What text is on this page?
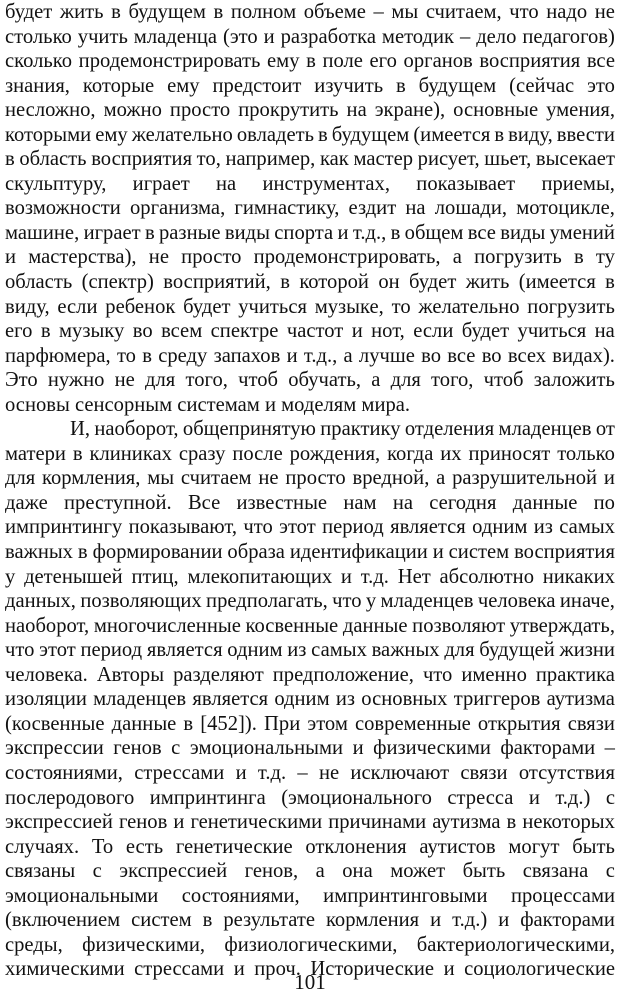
будет жить в будущем в полном объеме – мы считаем, что надо не
столько учить младенца (это и разработка методик – дело педагогов)
сколько продемонстрировать ему в поле его органов восприятия все
знания, которые ему предстоит изучить в будущем (сейчас это
несложно, можно просто прокрутить на экране), основные умения,
которыми ему желательно овладеть в будущем (имеется в виду, ввести
в область восприятия то, например, как мастер рисует, шьет, высекает
скульптуру, играет на инструментах, показывает приемы,
возможности организма, гимнастику, ездит на лошади, мотоцикле,
машине, играет в разные виды спорта и т.д., в общем все виды умений
и мастерства), не просто продемонстрировать, а погрузить в ту
область (спектр) восприятий, в которой он будет жить (имеется в
виду, если ребенок будет учиться музыке, то желательно погрузить
его в музыку во всем спектре частот и нот, если будет учиться на
парфюмера, то в среду запахов и т.д., а лучше во все во всех видах).
Это нужно не для того, чтоб обучать, а для того, чтоб заложить
основы сенсорным системам и моделям мира.

И, наоборот, общепринятую практику отделения младенцев от
матери в клиниках сразу после рождения, когда их приносят только
для кормления, мы считаем не просто вредной, а разрушительной и
даже преступной. Все известные нам на сегодня данные по
импринтингу показывают, что этот период является одним из самых
важных в формировании образа идентификации и систем восприятия
у детенышей птиц, млекопитающих и т.д. Нет абсолютно никаких
данных, позволяющих предполагать, что у младенцев человека иначе,
наоборот, многочисленные косвенные данные позволяют утверждать,
что этот период является одним из самых важных для будущей жизни
человека. Авторы разделяют предположение, что именно практика
изоляции младенцев является одним из основных триггеров аутизма
(косвенные данные в [452]). При этом современные открытия связи
экспрессии генов с эмоциональными и физическими факторами –
состояниями, стрессами и т.д. – не исключают связи отсутствия
послеродового импринтинга (эмоционального стресса и т.д.) с
экспрессией генов и генетическими причинами аутизма в некоторых
случаях. То есть генетические отклонения аутистов могут быть
связаны с экспрессией генов, а она может быть связана с
эмоциональными состояниями, импринтинговыми процессами
(включением систем в результате кормления и т.д.) и факторами
среды, физическими, физиологическими, бактериологическими,
химическими стрессами и проч. Исторические и социологические

101
